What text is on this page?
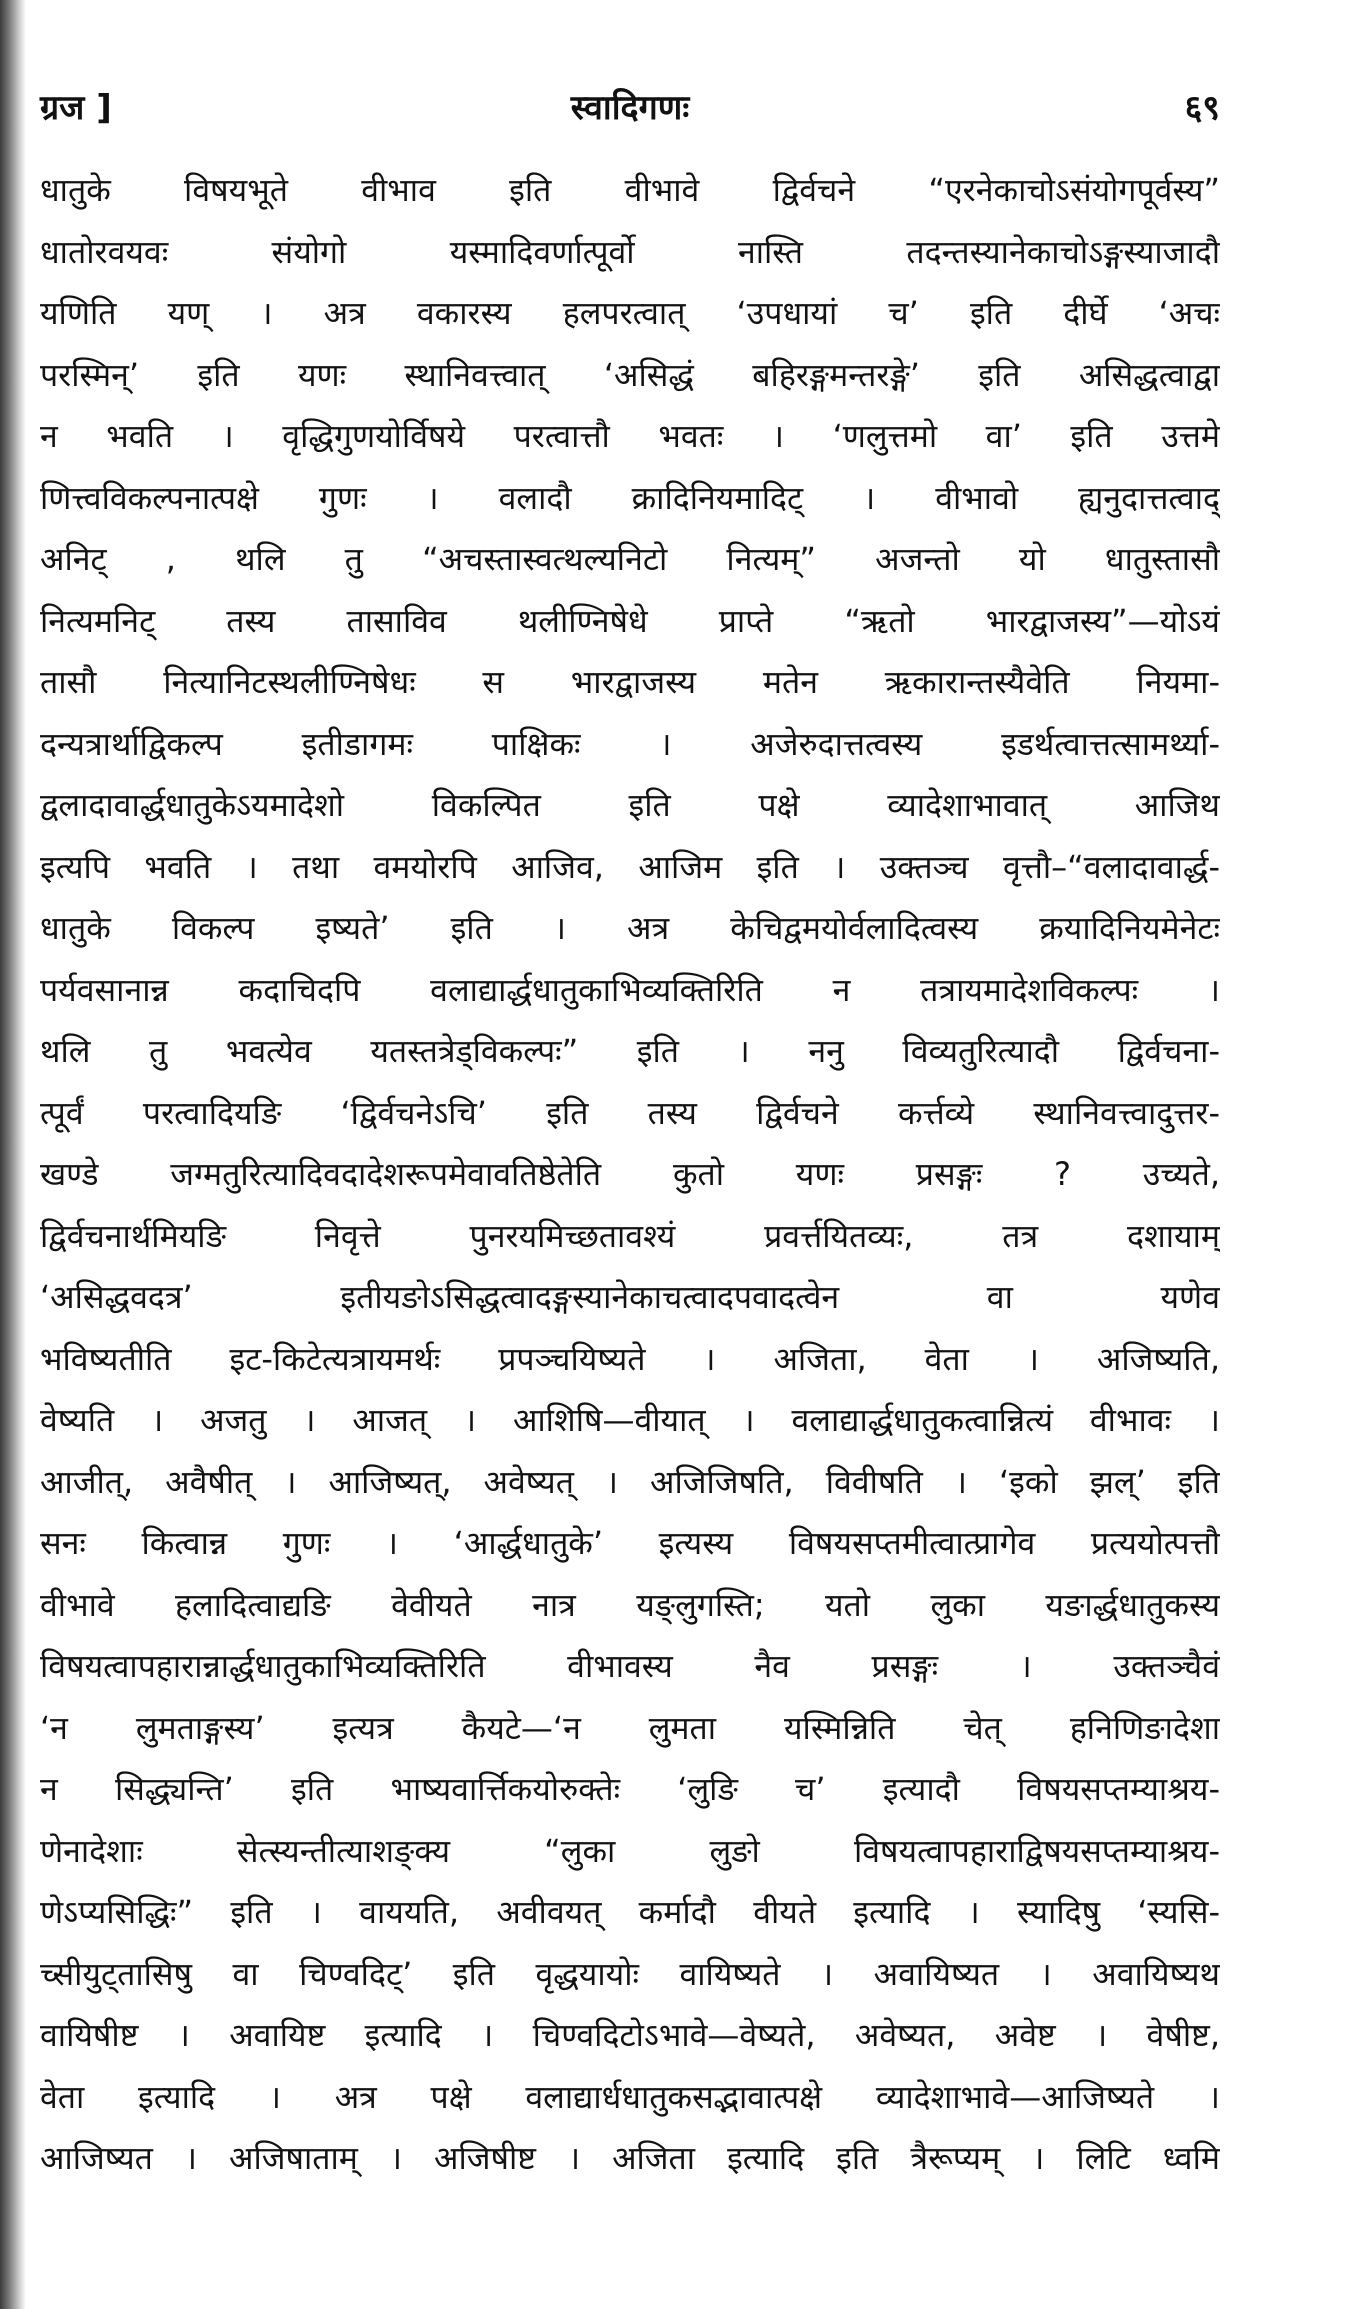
ग्रज ]	स्वादिगणः	६९
धातुके विषयभूते वीभाव इति वीभावे द्विर्वचने “एरनेकाचोऽसंयोगपूर्वस्य”
धातोरवयवः संयोगो यस्मादिवर्णात्पूर्वो नास्ति तदन्तस्यानेकाचोऽङ्गस्याजादौ
यणिति यण् । अत्र वकारस्य हलपरत्वात् ‘उपधायां च’ इति दीर्घे ‘अचः
परस्मिन्’ इति यणः स्थानिवत्त्वात् ‘असिद्धं बहिरङ्गमन्तरङ्गे’ इति असिद्धत्वाद्वा
न भवति । वृद्धिगुणयोर्विषये परत्वात्तौ भवतः । ‘णलुत्तमो वा’ इति उत्तमे
णित्त्वविकल्पनात्पक्षे गुणः । वलादौ क्रादिनियमादिट् । वीभावो ह्यनुदात्तत्वाद्
अनिट् , थलि तु “अचस्तास्वत्थल्यनिटो नित्यम्” अजन्तो यो धातुस्तासौ
नित्यमनिट् तस्य तासाविव थलीण्निषेधे प्राप्ते “ऋतो भारद्वाजस्य”—योऽयं
तासौ नित्यानिटस्थलीण्निषेधः स भारद्वाजस्य मतेन ऋकारान्तस्यैवेति नियमा-
दन्यत्रार्थाद्विकल्प इतीडागमः पाक्षिकः । अजेरुदात्तत्वस्य इडर्थत्वात्तत्सामर्थ्या-
द्वलादावार्द्धधातुकेऽयमादेशो विकल्पित इति पक्षे व्यादेशाभावात् आजिथ
इत्यपि भवति । तथा वमयोरपि आजिव, आजिम इति । उक्तञ्च वृत्तौ–“वलादावार्द्ध-
धातुके विकल्प इष्यते’ इति । अत्र केचिद्वमयोर्वलादित्वस्य क्रयादिनियमेनेटः
पर्यवसानान्न कदाचिदपि वलाद्यार्द्धधातुकाभिव्यक्तिरिति न तत्रायमादेशविकल्पः ।
थलि तु भवत्येव यतस्तत्रेड्विकल्पः” इति । ननु विव्यतुरित्यादौ द्विर्वचना-
त्पूर्वं परत्वादियङि ‘द्विर्वचनेऽचि’ इति तस्य द्विर्वचने कर्त्तव्ये स्थानिवत्त्वादुत्तर-
खण्डे जग्मतुरित्यादिवदादेशरूपमेवावतिष्ठेतेति कुतो यणः प्रसङ्गः ? उच्यते,
द्विर्वचनार्थमियङि निवृत्ते पुनरयमिच्छतावश्यं प्रवर्त्तयितव्यः, तत्र दशायाम्
‘असिद्धवदत्र’ इतीयङोऽसिद्धत्वादङ्गस्यानेकाचत्वादपवादत्वेन वा यणेव
भविष्यतीति इट-किटेत्यत्रायमर्थः प्रपञ्चयिष्यते । अजिता, वेता । अजिष्यति,
वेष्यति । अजतु । आजत् । आशिषि—वीयात् । वलाद्यार्द्धधातुकत्वान्नित्यं वीभावः ।
आजीत्, अवैषीत् । आजिष्यत्, अवेष्यत् । अजिजिषति, विवीषति । ‘इको झल्’ इति
सनः कित्वान्न गुणः । ‘आर्द्धधातुके’ इत्यस्य विषयसप्तमीत्वात्प्रागेव प्रत्ययोत्पत्तौ
वीभावे हलादित्वाद्यङि वेवीयते नात्र यङ्लुगस्ति; यतो लुका यङार्द्धधातुकस्य
विषयत्वापहारान्नार्द्धधातुकाभिव्यक्तिरिति वीभावस्य नैव प्रसङ्गः । उक्तञ्चैवं
‘न लुमताङ्गस्य’ इत्यत्र कैयटे—‘न लुमता यस्मिन्निति चेत् हनिणिङादेशा
न सिद्ध्यन्ति’ इति भाष्यवार्त्तिकयोरुक्तेः ‘लुङि च’ इत्यादौ विषयसप्तम्याश्रय-
णेनादेशाः सेत्स्यन्तीत्याशङ्क्य “लुका लुङो विषयत्वापहाराद्विषयसप्तम्याश्रय-
णेऽप्यसिद्धिः” इति । वाययति, अवीवयत् कर्मादौ वीयते इत्यादि । स्यादिषु ‘स्यसि-
च्सीयुट्तासिषु वा चिण्वदिट्’ इति वृद्धयायोः वायिष्यते । अवायिष्यत । अवायिष्यथ
वायिषीष्ट । अवायिष्ट इत्यादि । चिण्वदिटोऽभावे—वेष्यते, अवेष्यत, अवेष्ट । वेषीष्ट,
वेता इत्यादि । अत्र पक्षे वलाद्यार्धधातुकसद्भावात्पक्षे व्यादेशाभावे—आजिष्यते ।
आजिष्यत । अजिषाताम् । अजिषीष्ट । अजिता इत्यादि इति त्रैरूप्यम् । लिटि ध्वमि
